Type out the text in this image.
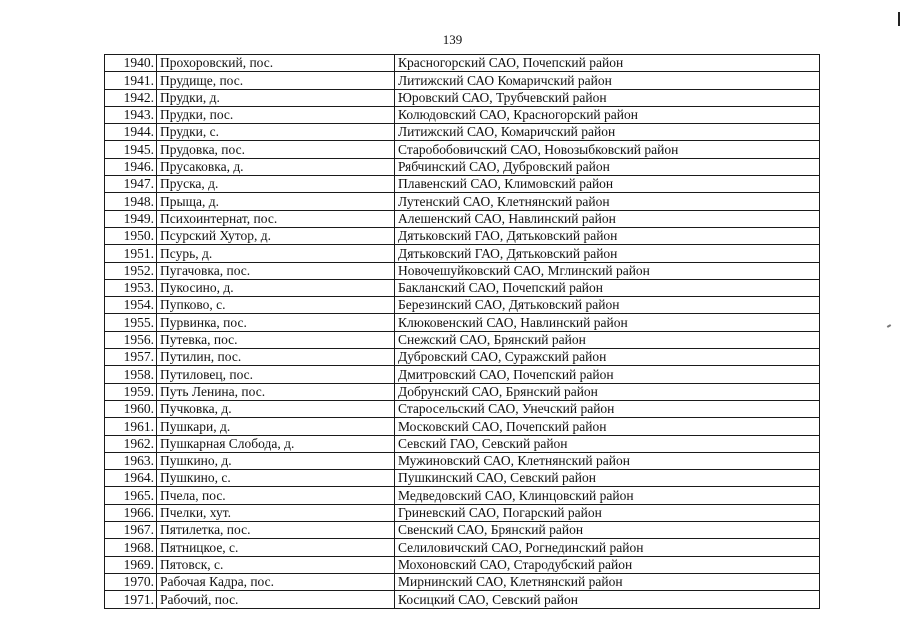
139
1940.	Прохоровский, пос.	Красногорский САО, Почепский район
1941.	Прудище, пос.	Литижский САО Комаричский район
1942.	Прудки, д.	Юровский САО, Трубчевский район
1943.	Прудки, пос.	Колюдовский САО, Красногорский район
1944.	Прудки, с.	Литижский САО, Комаричский район
1945.	Прудовка, пос.	Старобобовичский САО, Новозыбковский район
1946.	Прусаковка, д.	Рябчинский САО, Дубровский район
1947.	Пруска, д.	Плавенский САО, Климовский район
1948.	Прыща, д.	Лутенский САО, Клетнянский район
1949.	Психоинтернат, пос.	Алешенский САО, Навлинский район
1950.	Псурский Хутор, д.	Дятьковский ГАО, Дятьковский район
1951.	Псурь, д.	Дятьковский ГАО, Дятьковский район
1952.	Пугачовка, пос.	Новочешуйковский САО, Мглинский район
1953.	Пукосино, д.	Бакланский САО, Почепский район
1954.	Пупково, с.	Березинский САО, Дятьковский район
1955.	Пурвинка, пос.	Клюковенский САО, Навлинский район
1956.	Путевка, пос.	Снежский САО, Брянский район
1957.	Путилин, пос.	Дубровский САО, Суражский район
1958.	Путиловец, пос.	Дмитровский САО, Почепский район
1959.	Путь Ленина, пос.	Добрунский САО, Брянский район
1960.	Пучковка, д.	Старосельский САО, Унечский район
1961.	Пушкари, д.	Московский САО, Почепский район
1962.	Пушкарная Слобода, д.	Севский ГАО, Севский район
1963.	Пушкино, д.	Мужиновский САО, Клетнянский район
1964.	Пушкино, с.	Пушкинский САО, Севский район
1965.	Пчела, пос.	Медведовский САО, Клинцовский район
1966.	Пчелки, хут.	Гриневский САО, Погарский район
1967.	Пятилетка, пос.	Свенский САО, Брянский район
1968.	Пятницкое, с.	Селиловичский САО, Рогнединский район
1969.	Пятовск, с.	Мохоновский САО, Стародубский район
1970.	Рабочая Кадра, пос.	Мирнинский САО, Клетнянский район
1971.	Рабочий, пос.	Косицкий САО, Севский район
